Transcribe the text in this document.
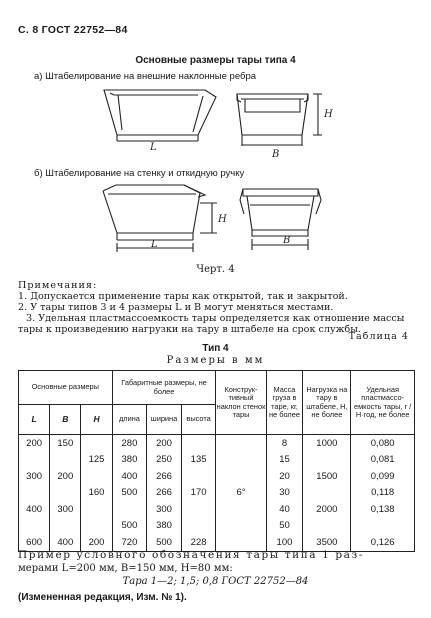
С. 8 ГОСТ 22752—84
Основные размеры тары типа 4
а) Штабелирование на внешние наклонные ребра
L
B
H
L
H
B
б) Штабелирование на стенку и откидную ручку
Черт. 4
Примечания:
1. Допускается применение тары как открытой, так и закрытой.
2. У тары типов 3 и 4 размеры L и B могут меняться местами.
3. Удельная пластмассоемкость тары определяется как отношение массы
тары к произведению нагрузки на тару в штабеле на срок службы.
Таблица 4
Тип 4
Размеры в мм
Основные размеры			Габаритные размеры, не более			Конструк-тивный наклон стенок тары	Масса груза в таре, кг, не более	Нагрузка на тару в штабеле, Н, не более	Удельная пластмассо-емкость тары, г / Н·год, не более
L	B	H	длина	ширина	высота				
200	150		280	200		6°	8	1000	0,080
		125	380	250	135		15		0,081
300	200		400	266			20	1500	0,099
		160	500	266	170		30		0,118
400	300			300			40	2000	0,138
			500	380			50		
600	400	200	720	500	228		100	3500	0,126
Пример условного обозначения тары типа 1 раз-
мерами L=200 мм, B=150 мм, H=80 мм:
Тара 1—2; 1,5; 0,8 ГОСТ 22752—84
(Измененная редакция, Изм. № 1).
